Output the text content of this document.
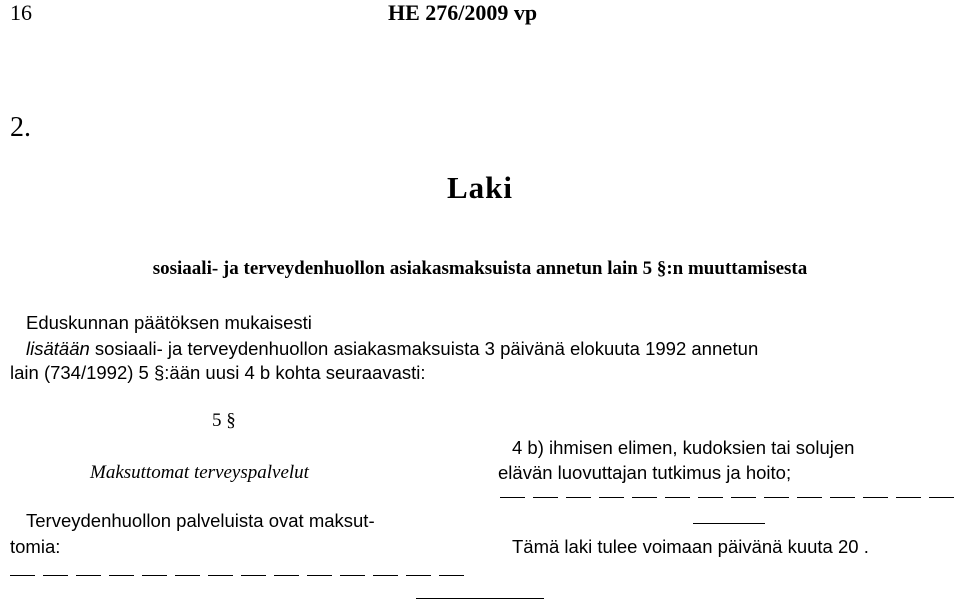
16	HE 276/2009 vp
2.
Laki
sosiaali- ja terveydenhuollon asiakasmaksuista annetun lain 5 §:n muuttamisesta
Eduskunnan päätöksen mukaisesti
lisätään sosiaali- ja terveydenhuollon asiakasmaksuista 3 päivänä elokuuta 1992 annetun
lain (734/1992) 5 §:ään uusi 4 b kohta seuraavasti:
5 §
Maksuttomat terveyspalvelut
Terveydenhuollon palveluista ovat maksut-
tomia:
4 b) ihmisen elimen, kudoksien tai solujen
elävän luovuttajan tutkimus ja hoito;
Tämä laki tulee voimaan päivänä kuuta 20 .
